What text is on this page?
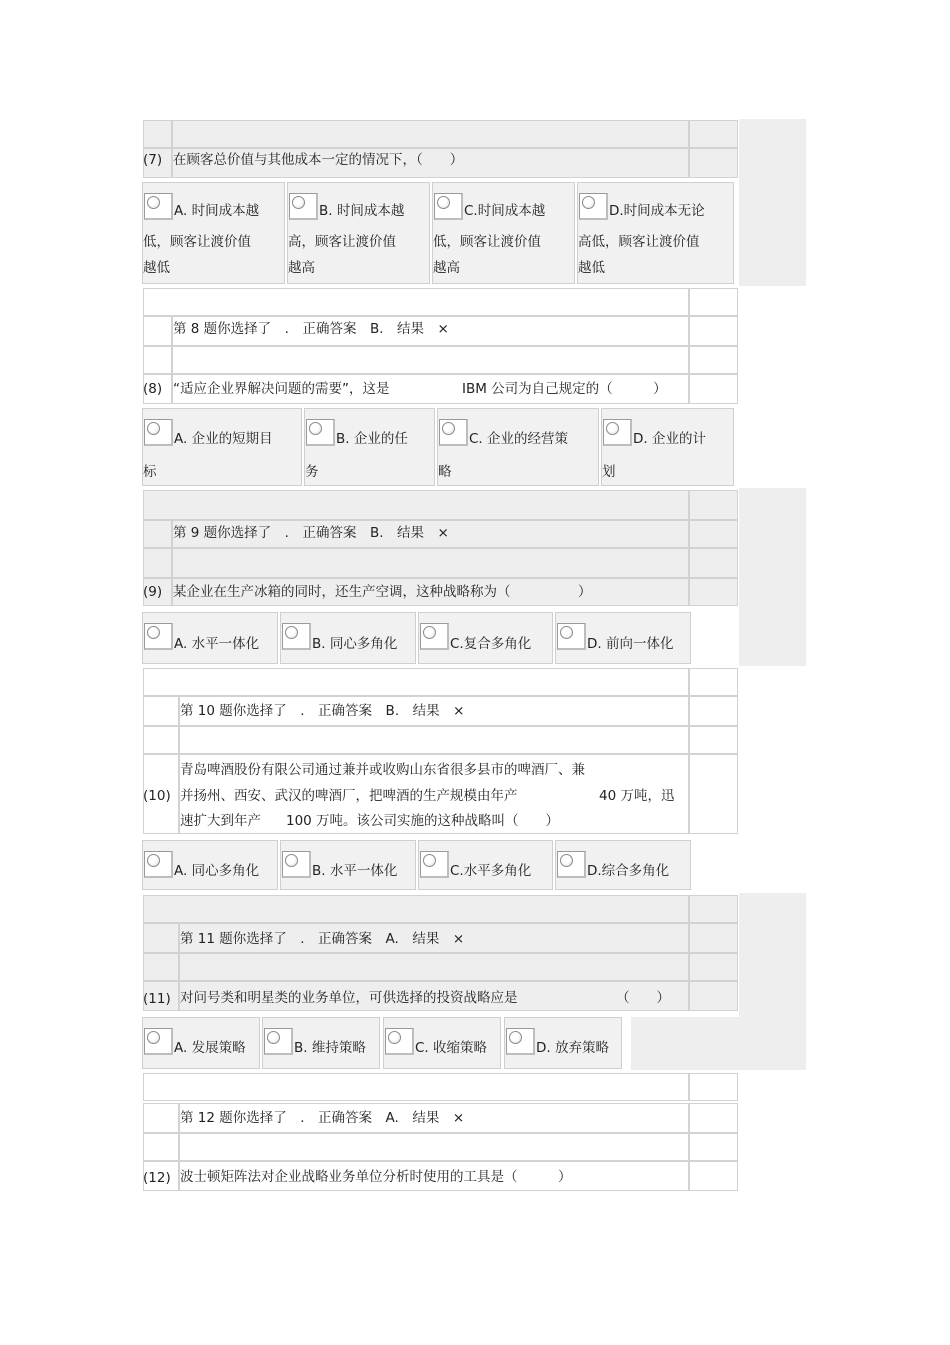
(7) 在顾客总价值与其他成本一定的情况下，（　　）
A. 时间成本越
低，顾客让渡价值
越低
B. 时间成本越
高，顾客让渡价值
越高
C.时间成本越
低，顾客让渡价值
越高
D.时间成本无论
高低，顾客让渡价值
越低
第 8 题你选择了　.　正确答案　B.　结果　×
(8) “适应企业界解决问题的需要”，这是	IBM 公司为自己规定的（　　　）
A. 企业的短期目
标
B. 企业的任
务
C. 企业的经营策
略
D. 企业的计
划
第 9 题你选择了　.　正确答案　B.　结果　×
(9) 某企业在生产冰箱的同时，还生产空调，这种战略称为（　　　　　）
A. 水平一体化	B. 同心多角化	C.复合多角化	D. 前向一体化
第 10 题你选择了　.　正确答案　B.　结果　×
(10)
青岛啤酒股份有限公司通过兼并或收购山东省很多县市的啤酒厂、兼
并扬州、西安、武汉的啤酒厂，把啤酒的生产规模由年产	40 万吨，迅
速扩大到年产 100 万吨。该公司实施的这种战略叫（　　）
A. 同心多角化	B. 水平一体化	C.水平多角化	D.综合多角化
第 11 题你选择了　.　正确答案　A.　结果　×
(11) 对问号类和明星类的业务单位，可供选择的投资战略应是	（　　）
A. 发展策略	B. 维持策略	C. 收缩策略	D. 放弃策略
第 12 题你选择了　.　正确答案　A.　结果　×
(12) 波士顿矩阵法对企业战略业务单位分析时使用的工具是（　　　）
